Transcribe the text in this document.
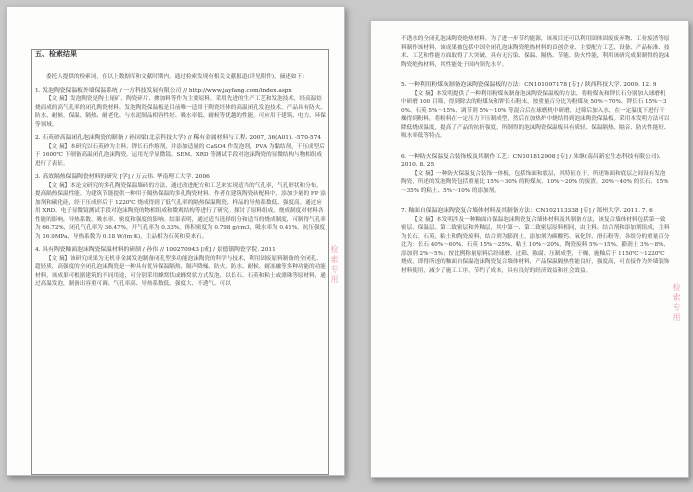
五、检索结果
委托人提供的检索词，在以上数据库和文献时期内，通过检索发现有相关文献报道(详见附件)，摘述如下：
1. 发泡陶瓷保温板外墙保温系统 / 一方科技发展有限公司 // http://www.jayfang.com/index.aspx
【文 摘】发泡陶瓷是陶土尾矿、陶瓷碎片、掺加料等作为主要原料，采用先进的生产工艺和发泡技术，经高温焙烧而成的高气孔率的闭孔陶瓷材料。发泡陶瓷保温板是目前唯一适用于陶瓷坯体的高温闭孔发泡技术，产品具有防火、防水、耐候、保温、隔热、耐老化、与水泥制品相容性好、吸水率低、耐候等优越的性能，可应用于建筑、电力、环保等领域。
2. 石英砂高温闭孔泡沫陶瓷的制备 / 孙国梁(北京科技大学) // 稀有金属材料与工程. 2007, 36(A01). -570-574
【文 摘】本研究以石英砂为主料，钾长石作熔剂，并添加适量的 CaSO4 作发泡剂，PVA 为黏结剂，干压成型后于 1600℃ 下制备高温闭孔泡沫陶瓷。运用光学显微镜、SEM、XRD 等测试手段对泡沫陶瓷的显微结构与物相组成进行了表征。
3. 高效隔热保温陶瓷材料的研究 [学] / 万云伟. 华南理工大学. 2006
【文 摘】本论文研究的多孔陶瓷保温墙砖的方法，通过改进配方和工艺来实现适当的气孔率，气孔形状和分布，提高隔热保温性能。为建筑节能提供一种用于隔热保温的多孔陶瓷材料。作者在建筑陶瓷砖配料中，添加少量的 FP 添加剂和碳化硅，经干压成形后于 1220℃ 烧成得到了低气孔率的隔热保温陶瓷，样品的导热系数低、强度高。通过应用 XRD、电子显微镜测试手段对泡沫陶瓷的物相组成和微观结构等进行了研究。探讨了原料组成、烧成制度对材料各性能的影响，导热系数、吸水率、密度和强度的影响。结果表明，通过适当选择组分和适当的烧成制度，可制得气孔率为 66.72%，闭孔气孔率为 36.47%，开气孔率为 0.33%，体积密度为 0.798 g/cm3，吸水率为 0.41%，抗压强度为 16.9MPa，导热系数为 0.18 W/(m·K)，主品相为石英和莫来石。
4. 具有陶瓷釉面泡沫陶瓷保温材料的研制 / 孙伟 // 100270943 [成] / 景德镇陶瓷学院. 2011
【文 摘】该研究成果为无机非金属发泡制备闭孔型多功能泡沫陶瓷的科学与技术，利用固废原料制备的全闭孔、超轻质、高强度的全闭孔泡沫陶瓷是一种具有优异保温隔热、隔声降噪、防火、防水、耐候、耐冻融等多种功能的功能材料，该成果可根据建筑的不同用途，可分别采用蜂窝状或蜂窝状方式发泡，以长石、石英和粘土或漂珠等原材料，通过高温发泡，制备出容重可调、气孔率高、导热系数低、强度大、不透气、可以	检索专用
不透水的全闭孔泡沫陶瓷绝热材料。为了进一步节约能源，该项目还可以利用固体固废废弃物、工业废渣等原料制作该材料，该成果被包括中国全闭孔泡沫陶瓷绝热材料的首创企业、主要配方工艺、设备、产品标准、技术、工艺和性能方面取得了大突破、具有无污染、保温、隔热、节能、防火性能，利用该研究成果制得的泡沫陶瓷绝热材料，其性能处于国内领先水平。
5. 一种利用粉煤灰制备泡沫陶瓷保温板的方法：CN101097178 [专] / 陕西科技大学. 2009. 12. 9
【文 摘】本发明提供了一种利用粉煤灰制备泡沫陶瓷保温板的方法，将粉煤灰和钾长石分别加入球磨机中研磨 100 目筛，得到除去的粉煤灰和钾长石粉末，按重量百分比为粉煤灰 50%～70%、钾长石 15%～30%、石英 5%～15%、调节剂 5%～10% 等混合后在球磨机中研磨，过筛后加入水，在一定温度下进行干燥得到粉料，将粉料在一定压力下压制成型，然后在加热炉中烧结得到泡沫陶瓷保温板。采用本发明方法可以降低烧成温度，提高了产品的抗折强度，所制得的泡沫陶瓷保温板具有质轻、保温隔热、隔音、防火性能好、吸水率低等特点。
6. 一种防火保温复合装饰板及其制作工艺：CN101812908 [专] / 朱继(南昌新宏生态科技有限公司). 2010. 8. 25
【文 摘】一种防火保温复合装饰一体板，包括饰面和底层，其特征在于，所述饰面和底层之间设有发泡陶瓷，所述的发泡陶瓷包括重量比 15%～30% 的粉煤灰、10%～20% 的废渣、20%～40% 的长石、15%～35% 的粘土、5%～10% 的添加剂。
7. 釉面自保温泡沫陶瓷复合墙体材料及其制备方法：CN102113338 [专] / 郑州大学. 2011. 7. 6
【文 摘】本发明涉及一种釉面自保温泡沫陶瓷复合墙体材料及其制备方法，该复合墙体材料包括第一致密层、保温层、第二致密层和外釉层，其中第一、第二致密层原料相同，由主料、结合剂和添加剂组成，主料为长石、石英、粘土和陶瓷废料，结合剂为膨润土，添加剂为碳酸钙、氧化锌、滑石粉等，各组分的重量百分比为：长石 40%～60%、石英 15%～25%、粘土 10%～20%、陶瓷废料 5%～15%、膨润土 3%～8%、添加剂 2%～5%；按比例称量原料后经球磨、过筛、陈腐、压制成型、干燥，施釉后于 1150℃～1220℃ 烧成，即得所述的釉面自保温泡沫陶瓷复合墙体材料，产品保温隔热性能良好，强度高，可直接作为外墙装饰材料使用，减少了施工工序，节约了成本，具有良好的经济效益和社会效益。
检索专用
